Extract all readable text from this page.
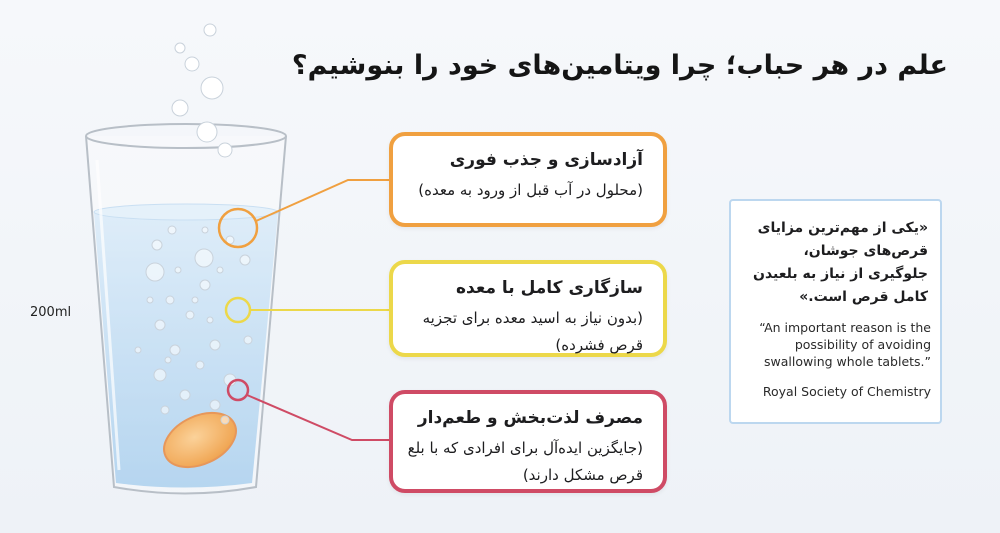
علم در هر حباب؛ چرا ویتامین‌های خود را بنوشیم؟
200ml
آزادسازی و جذب فوری
(محلول در آب قبل از ورود به معده)
سازگاری کامل با معده
(بدون نیاز به اسید معده برای تجزیه قرص فشرده)
مصرف لذت‌بخش و طعم‌دار
(جایگزین ایده‌آل برای افرادی که با بلع قرص مشکل دارند)
«یکی از مهم‌ترین مزایای قرص‌های جوشان، جلوگیری از نیاز به بلعیدن کامل قرص است.»
“An important reason is the possibility of avoiding swallowing whole tablets.”
Royal Society of Chemistry
